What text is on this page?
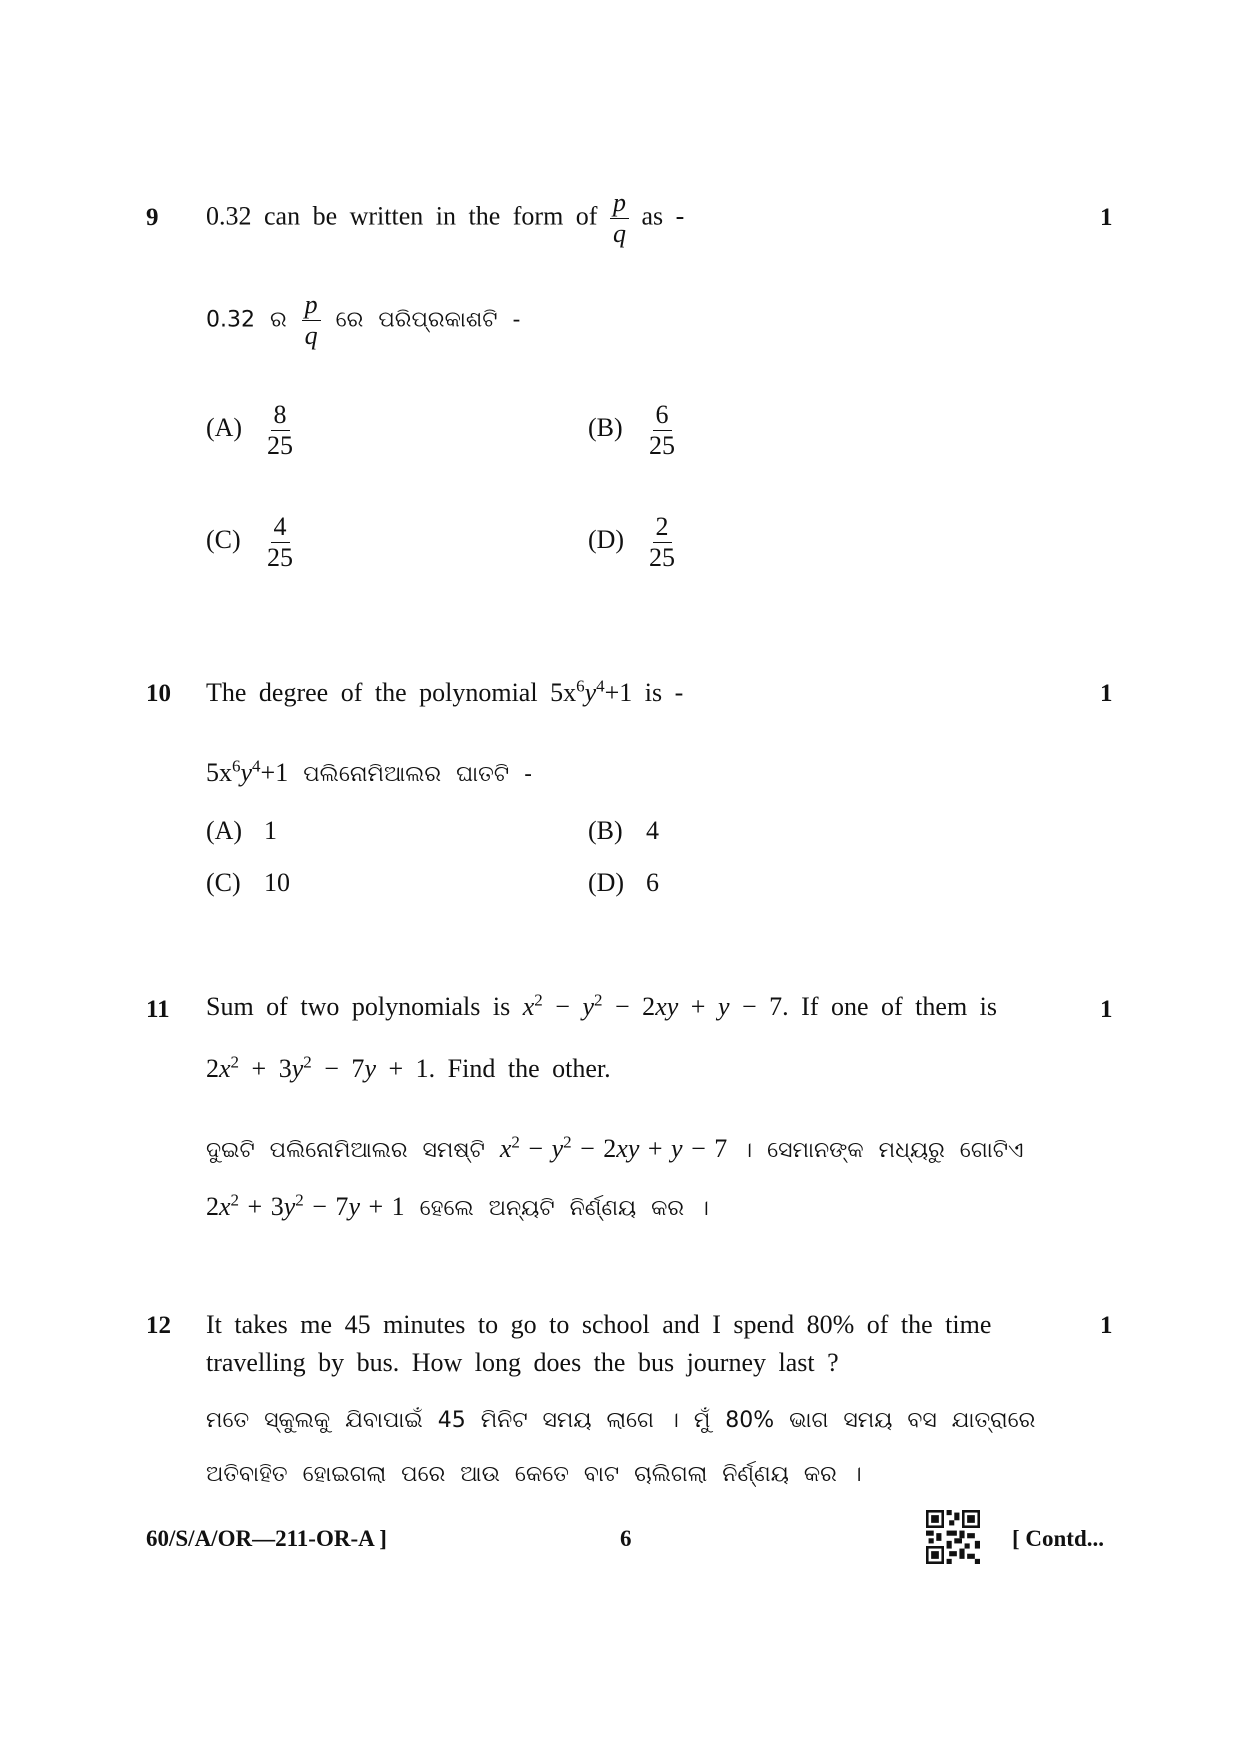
9 0.32 can be written in the form of $\frac{p}{q}$ as -	1
0.32 ର $\frac{p}{q}$ ରେ ପରିପ୍ରକାଶଟି -
$(A) \frac{8}{25}$	$(B) \frac{6}{25}$
$(C) \frac{4}{25}$	$(D) \frac{2}{25}$
10 The degree of the polynomial $5x^6y^4+1$ is -	1
$5x^6y^4+1$ ପଲିନୋମିଆଲର ଘାତଟି -
(A) 1	(B) 4
(C) 10	(D) 6
11 Sum of two polynomials is $x^2 - y^2 - 2xy + y - 7$. If one of them is	1
$2x^2 + 3y^2 - 7y + 1$. Find the other.
ଦୁଇଟି ପଲିନୋମିଆଲର ସମଷ୍ଟି $x^2 - y^2 - 2xy + y - 7$ । ସେମାନଙ୍କ ମଧ୍ୟରୁ ଗୋଟିଏ
$2x^2 + 3y^2 - 7y + 1$ ହେଲେ ଅନ୍ୟଟି ନିର୍ଣ୍ଣୟ କର ।
12 It takes me 45 minutes to go to school and I spend 80% of the time	1
travelling by bus. How long does the bus journey last ?
ମତେ ସ୍କୁଲକୁ ଯିବାପାଇଁ 45 ମିନିଟ ସମୟ ଲାଗେ । ମୁଁ 80% ଭାଗ ସମୟ ବସ ଯାତ୍ରାରେ
ଅତିବାହିତ ହୋଇଗଲା ପରେ ଆଉ କେତେ ବାଟ ଚାଲିଗଲା ନିର୍ଣ୍ଣୟ କର ।
60/S/A/OR—211-OR-A ]	6	[ Contd...
